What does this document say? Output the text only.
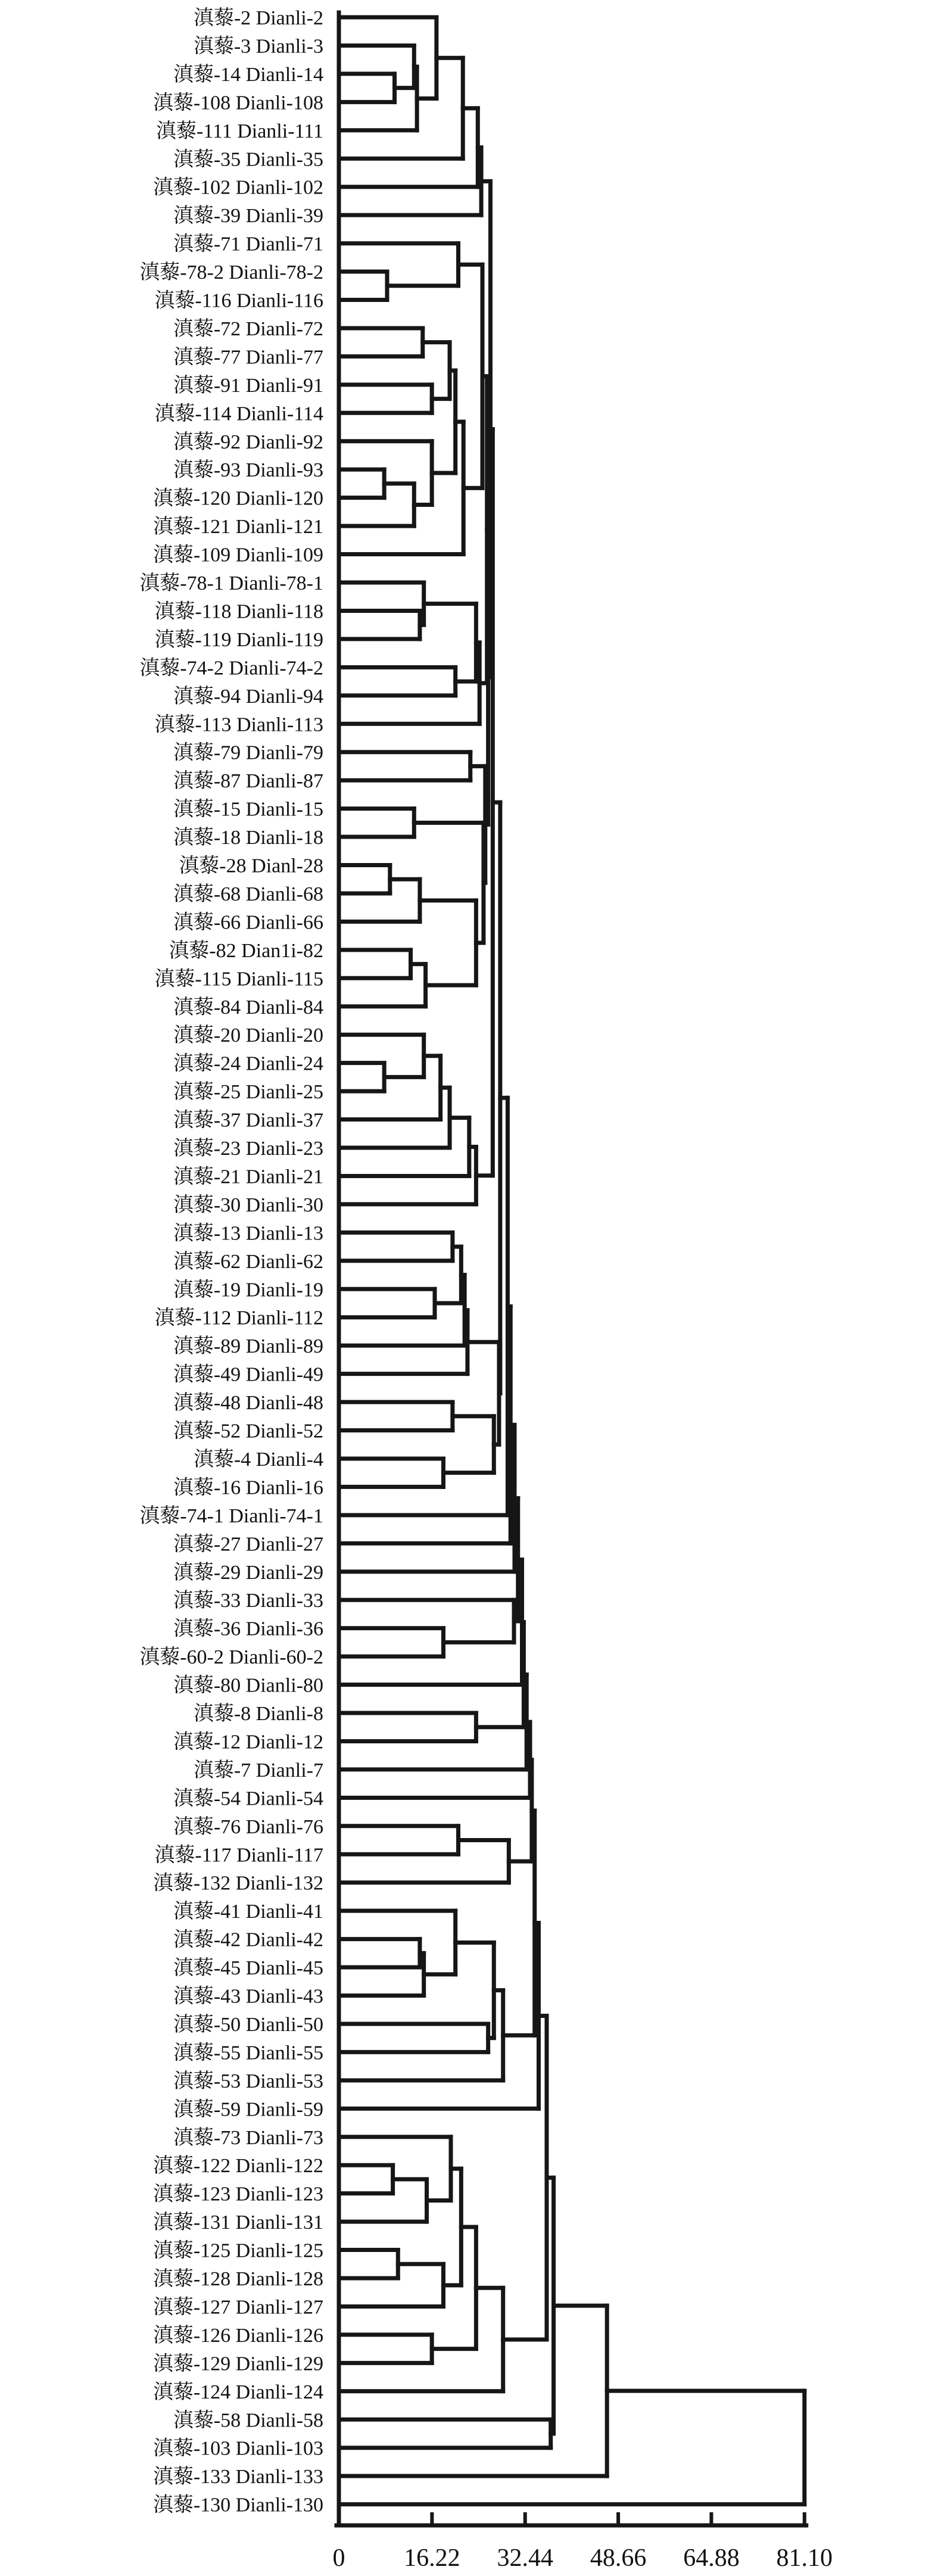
滇藜-2 Dianli-2
滇藜-3 Dianli-3
滇藜-14 Dianli-14
滇藜-108 Dianli-108
滇藜-111 Dianli-111
滇藜-35 Dianli-35
滇藜-102 Dianli-102
滇藜-39 Dianli-39
滇藜-71 Dianli-71
滇藜-78-2 Dianli-78-2
滇藜-116 Dianli-116
滇藜-72 Dianli-72
滇藜-77 Dianli-77
滇藜-91 Dianli-91
滇藜-114 Dianli-114
滇藜-92 Dianli-92
滇藜-93 Dianli-93
滇藜-120 Dianli-120
滇藜-121 Dianli-121
滇藜-109 Dianli-109
滇藜-78-1 Dianli-78-1
滇藜-118 Dianli-118
滇藜-119 Dianli-119
滇藜-74-2 Dianli-74-2
滇藜-94 Dianli-94
滇藜-113 Dianli-113
滇藜-79 Dianli-79
滇藜-87 Dianli-87
滇藜-15 Dianli-15
滇藜-18 Dianli-18
滇藜-28 Dianl-28
滇藜-68 Dianli-68
滇藜-66 Dianli-66
滇藜-82 Dian1i-82
滇藜-115 Dianli-115
滇藜-84 Dianli-84
滇藜-20 Dianli-20
滇藜-24 Dianli-24
滇藜-25 Dianli-25
滇藜-37 Dianli-37
滇藜-23 Dianli-23
滇藜-21 Dianli-21
滇藜-30 Dianli-30
滇藜-13 Dianli-13
滇藜-62 Dianli-62
滇藜-19 Dianli-19
滇藜-112 Dianli-112
滇藜-89 Dianli-89
滇藜-49 Dianli-49
滇藜-48 Dianli-48
滇藜-52 Dianli-52
滇藜-4 Dianli-4
滇藜-16 Dianli-16
滇藜-74-1 Dianli-74-1
滇藜-27 Dianli-27
滇藜-29 Dianli-29
滇藜-33 Dianli-33
滇藜-36 Dianli-36
滇藜-60-2 Dianli-60-2
滇藜-80 Dianli-80
滇藜-8 Dianli-8
滇藜-12 Dianli-12
滇藜-7 Dianli-7
滇藜-54 Dianli-54
滇藜-76 Dianli-76
滇藜-117 Dianli-117
滇藜-132 Dianli-132
滇藜-41 Dianli-41
滇藜-42 Dianli-42
滇藜-45 Dianli-45
滇藜-43 Dianli-43
滇藜-50 Dianli-50
滇藜-55 Dianli-55
滇藜-53 Dianli-53
滇藜-59 Dianli-59
滇藜-73 Dianli-73
滇藜-122 Dianli-122
滇藜-123 Dianli-123
滇藜-131 Dianli-131
滇藜-125 Dianli-125
滇藜-128 Dianli-128
滇藜-127 Dianli-127
滇藜-126 Dianli-126
滇藜-129 Dianli-129
滇藜-124 Dianli-124
滇藜-58 Dianli-58
滇藜-103 Dianli-103
滇藜-133 Dianli-133
滇藜-130 Dianli-130
0 16.22 32.44 48.66 64.88 81.10
